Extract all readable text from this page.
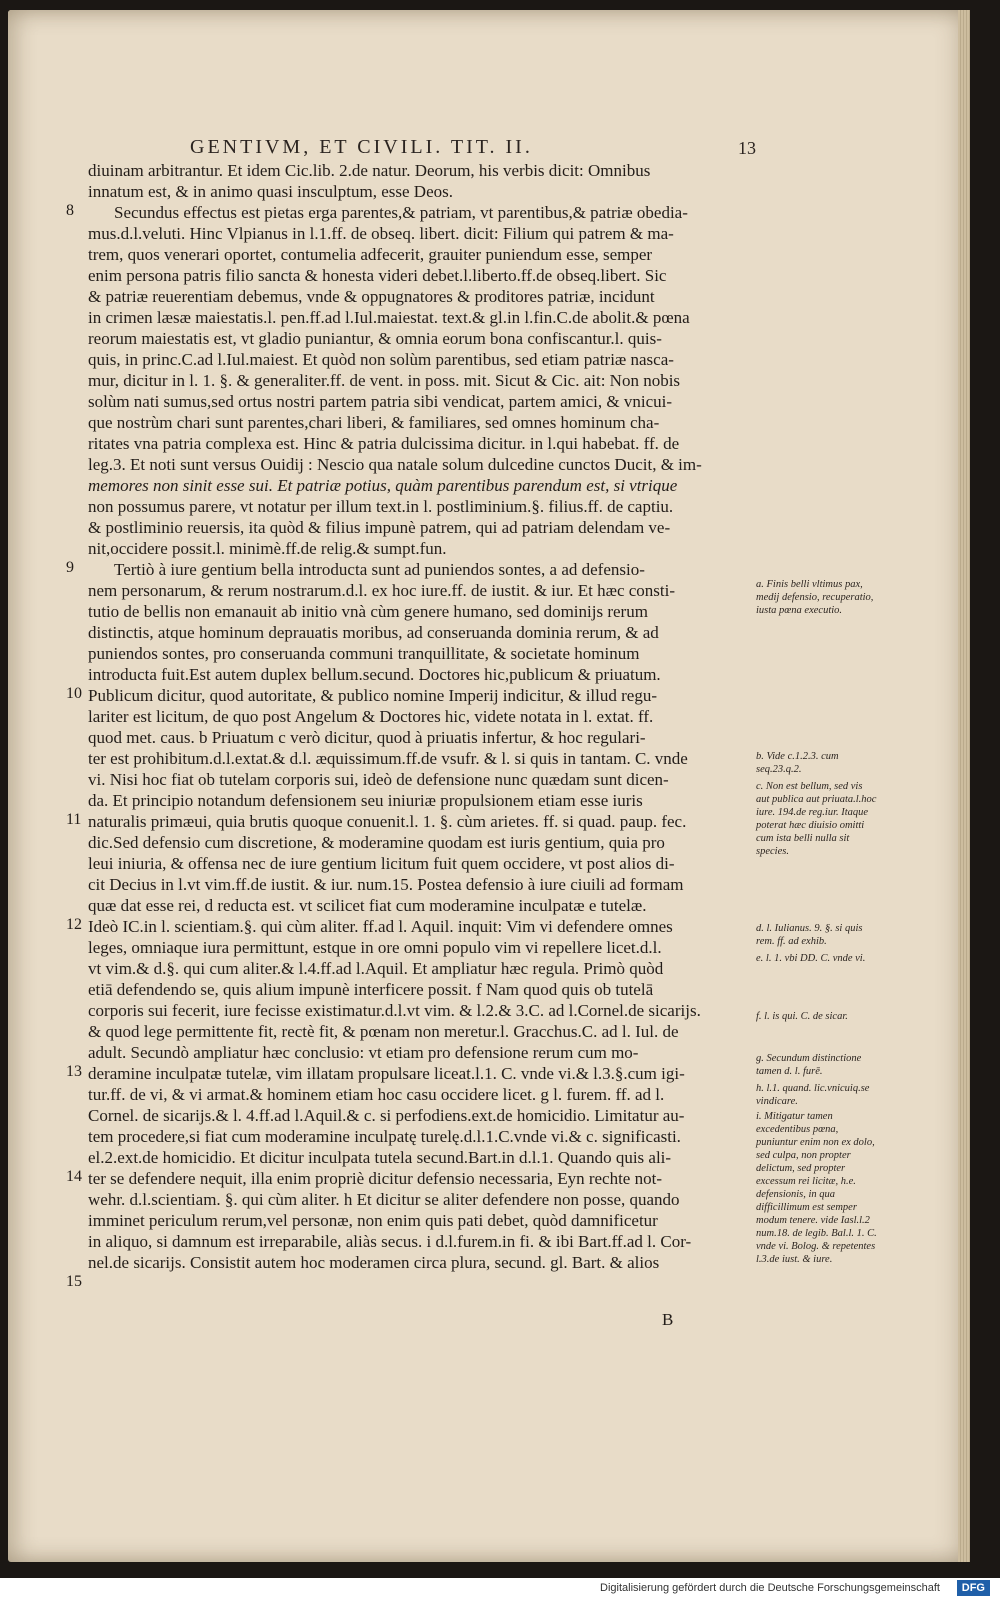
GENTIVM, ET CIVILI. TIT. II.	13
diuinam arbitrantur. Et idem Cic.lib. 2.de natur. Deorum, his verbis dicit: Omnibus
innatum est, & in animo quasi insculptum, esse Deos.
Secundus effectus est pietas erga parentes,& patriam, vt parentibus,& patriæ obedia-
mus.d.l.veluti. Hinc Vlpianus in l.1.ff. de obseq. libert. dicit: Filium qui patrem & ma-
trem, quos venerari oportet, contumelia adfecerit, grauiter puniendum esse, semper
enim persona patris filio sancta & honesta videri debet.l.liberto.ff.de obseq.libert. Sic
& patriæ reuerentiam debemus, vnde & oppugnatores & proditores patriæ, incidunt
in crimen læsæ maiestatis.l. pen.ff.ad l.Iul.maiestat. text.& gl.in l.fin.C.de abolit.& pœna
reorum maiestatis est, vt gladio puniantur, & omnia eorum bona confiscantur.l. quis-
quis, in princ.C.ad l.Iul.maiest. Et quòd non solùm parentibus, sed etiam patriæ nasca-
mur, dicitur in l. 1. §. & generaliter.ff. de vent. in poss. mit. Sicut & Cic. ait: Non nobis
solùm nati sumus,sed ortus nostri partem patria sibi vendicat, partem amici, & vnicui-
que nostrùm chari sunt parentes,chari liberi, & familiares, sed omnes hominum cha-
ritates vna patria complexa est. Hinc & patria dulcissima dicitur. in l.qui habebat. ff. de
leg.3. Et noti sunt versus Ouidij : Nescio qua natale solum dulcedine cunctos Ducit, & im-
memores non sinit esse sui. Et patriæ potius, quàm parentibus parendum est, si vtrique
non possumus parere, vt notatur per illum text.in l. postliminium.§. filius.ff. de captiu.
& postliminio reuersis, ita quòd & filius impunè patrem, qui ad patriam delendam ve-
nit,occidere possit.l. minimè.ff.de relig.& sumpt.fun.
Tertiò à iure gentium bella introducta sunt ad puniendos sontes, a ad defensio-
nem personarum, & rerum nostrarum.d.l. ex hoc iure.ff. de iustit. & iur. Et hæc consti-
tutio de bellis non emanauit ab initio vnà cùm genere humano, sed dominijs rerum
distinctis, atque hominum deprauatis moribus, ad conseruanda dominia rerum, & ad
puniendos sontes, pro conseruanda communi tranquillitate, & societate hominum
introducta fuit.Est autem duplex bellum.secund. Doctores hic,publicum & priuatum.
Publicum dicitur, quod autoritate, & publico nomine Imperij indicitur, & illud regu-
lariter est licitum, de quo post Angelum & Doctores hic, videte notata in l. extat. ff.
quod met. caus. b Priuatum c verò dicitur, quod à priuatis infertur, & hoc regulari-
ter est prohibitum.d.l.extat.& d.l. æquissimum.ff.de vsufr. & l. si quis in tantam. C. vnde
vi. Nisi hoc fiat ob tutelam corporis sui, ideò de defensione nunc quædam sunt dicen-
da. Et principio notandum defensionem seu iniuriæ propulsionem etiam esse iuris
naturalis primæui, quia brutis quoque conuenit.l. 1. §. cùm arietes. ff. si quad. paup. fec.
dic.Sed defensio cum discretione, & moderamine quodam est iuris gentium, quia pro
leui iniuria, & offensa nec de iure gentium licitum fuit quem occidere, vt post alios di-
cit Decius in l.vt vim.ff.de iustit. & iur. num.15. Postea defensio à iure ciuili ad formam
quæ dat esse rei, d reducta est. vt scilicet fiat cum moderamine inculpatæ e tutelæ.
Ideò IC.in l. scientiam.§. qui cùm aliter. ff.ad l. Aquil. inquit: Vim vi defendere omnes
leges, omniaque iura permittunt, estque in ore omni populo vim vi repellere licet.d.l.
vt vim.& d.§. qui cum aliter.& l.4.ff.ad l.Aquil. Et ampliatur hæc regula. Primò quòd
etiā defendendo se, quis alium impunè interficere possit. f Nam quod quis ob tutelā
corporis sui fecerit, iure fecisse existimatur.d.l.vt vim. & l.2.& 3.C. ad l.Cornel.de sicarijs.
& quod lege permittente fit, rectè fit, & pœnam non meretur.l. Gracchus.C. ad l. Iul. de
adult. Secundò ampliatur hæc conclusio: vt etiam pro defensione rerum cum mo-
deramine inculpatæ tutelæ, vim illatam propulsare liceat.l.1. C. vnde vi.& l.3.§.cum igi-
tur.ff. de vi, & vi armat.& hominem etiam hoc casu occidere licet. g l. furem. ff. ad l.
Cornel. de sicarijs.& l. 4.ff.ad l.Aquil.& c. si perfodiens.ext.de homicidio. Limitatur au-
tem procedere,si fiat cum moderamine inculpatę turelę.d.l.1.C.vnde vi.& c. significasti.
el.2.ext.de homicidio. Et dicitur inculpata tutela secund.Bart.in d.l.1. Quando quis ali-
ter se defendere nequit, illa enim propriè dicitur defensio necessaria, Eyn rechte not-
wehr. d.l.scientiam. §. qui cùm aliter. h Et dicitur se aliter defendere non posse, quando
imminet periculum rerum,vel personæ, non enim quis pati debet, quòd damnificetur
in aliquo, si damnum est irreparabile, aliàs secus. i d.l.furem.in fi. & ibi Bart.ff.ad l. Cor-
nel.de sicarijs. Consistit autem hoc moderamen circa plura, secund. gl. Bart. & alios
8
9
10
11
12
13
14
15
a. Finis belli vltimus pax, medij defensio, recuperatio, iusta pœna executio.
b. Vide c.1.2.3. cum seq.23.q.2.
c. Non est bellum, sed vis aut publica aut priuata.l.hoc iure. 194.de reg.iur. Itaque poterat hæc diuisio omitti cum ista belli nulla sit species.
d. l. Iulianus. 9. §. si quis rem. ff. ad exhib.
e. l. 1. vbi DD. C. vnde vi.
f. l. is qui. C. de sicar.
g. Secundum distinctione tamen d. l. furē.
h. l.1. quand. lic.vnicuiq.se vindicare.
i. Mitigatur tamen excedentibus pœna, puniuntur enim non ex dolo, sed culpa, non propter delictum, sed propter excessum rei licitæ, h.e. defensionis, in qua difficillimum est semper modum tenere. vide Iasl.l.2 num.18. de legib. Bal.l. 1. C. vnde vi. Bolog. & repetentes l.3.de iust. & iure.
B
Digitalisierung gefördert durch die Deutsche Forschungsgemeinschaft	DFG
